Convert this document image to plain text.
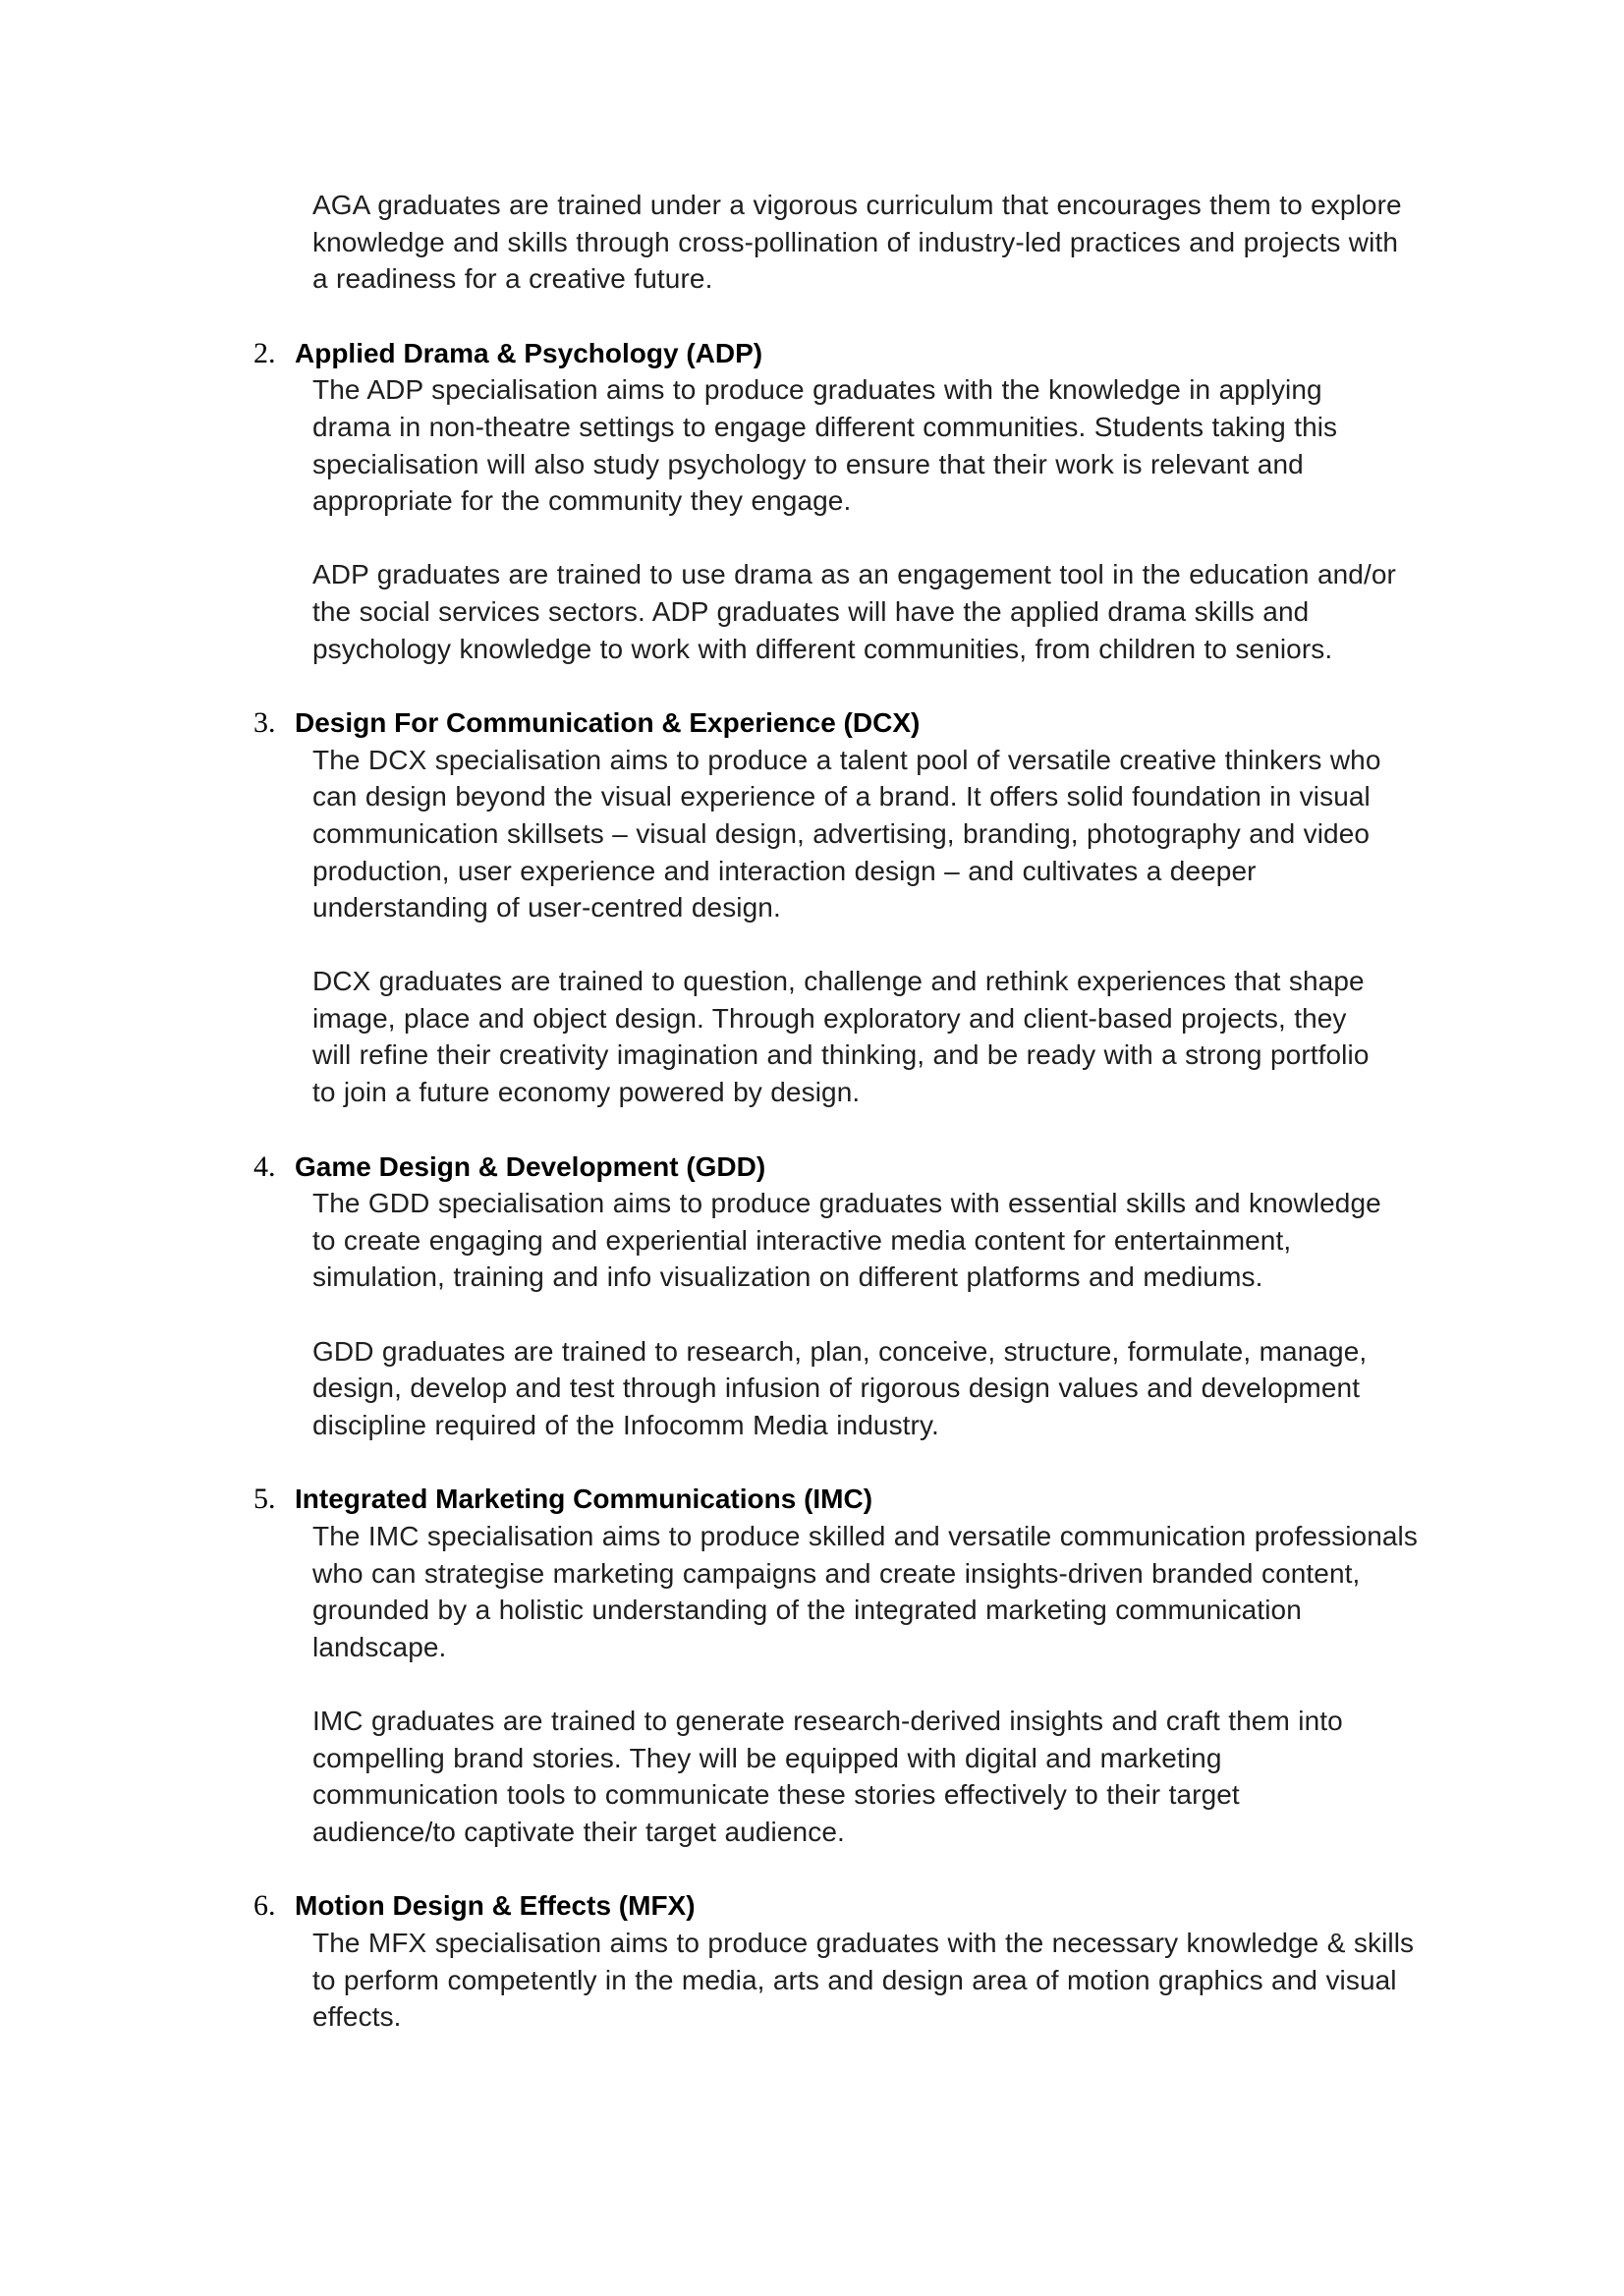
AGA graduates are trained under a vigorous curriculum that encourages them to explore knowledge and skills through cross-pollination of industry-led practices and projects with a readiness for a creative future.

2. Applied Drama & Psychology (ADP)

The ADP specialisation aims to produce graduates with the knowledge in applying drama in non-theatre settings to engage different communities. Students taking this specialisation will also study psychology to ensure that their work is relevant and appropriate for the community they engage.

ADP graduates are trained to use drama as an engagement tool in the education and/or the social services sectors. ADP graduates will have the applied drama skills and psychology knowledge to work with different communities, from children to seniors.

3. Design For Communication & Experience (DCX)

The DCX specialisation aims to produce a talent pool of versatile creative thinkers who can design beyond the visual experience of a brand. It offers solid foundation in visual communication skillsets – visual design, advertising, branding, photography and video production, user experience and interaction design – and cultivates a deeper understanding of user-centred design.

DCX graduates are trained to question, challenge and rethink experiences that shape image, place and object design. Through exploratory and client-based projects, they will refine their creativity imagination and thinking, and be ready with a strong portfolio to join a future economy powered by design.

4. Game Design & Development (GDD)

The GDD specialisation aims to produce graduates with essential skills and knowledge to create engaging and experiential interactive media content for entertainment, simulation, training and info visualization on different platforms and mediums.

GDD graduates are trained to research, plan, conceive, structure, formulate, manage, design, develop and test through infusion of rigorous design values and development discipline required of the Infocomm Media industry.

5. Integrated Marketing Communications (IMC)

The IMC specialisation aims to produce skilled and versatile communication professionals who can strategise marketing campaigns and create insights-driven branded content, grounded by a holistic understanding of the integrated marketing communication landscape.

IMC graduates are trained to generate research-derived insights and craft them into compelling brand stories. They will be equipped with digital and marketing communication tools to communicate these stories effectively to their target audience/to captivate their target audience.

6. Motion Design & Effects (MFX)

The MFX specialisation aims to produce graduates with the necessary knowledge & skills to perform competently in the media, arts and design area of motion graphics and visual effects.
